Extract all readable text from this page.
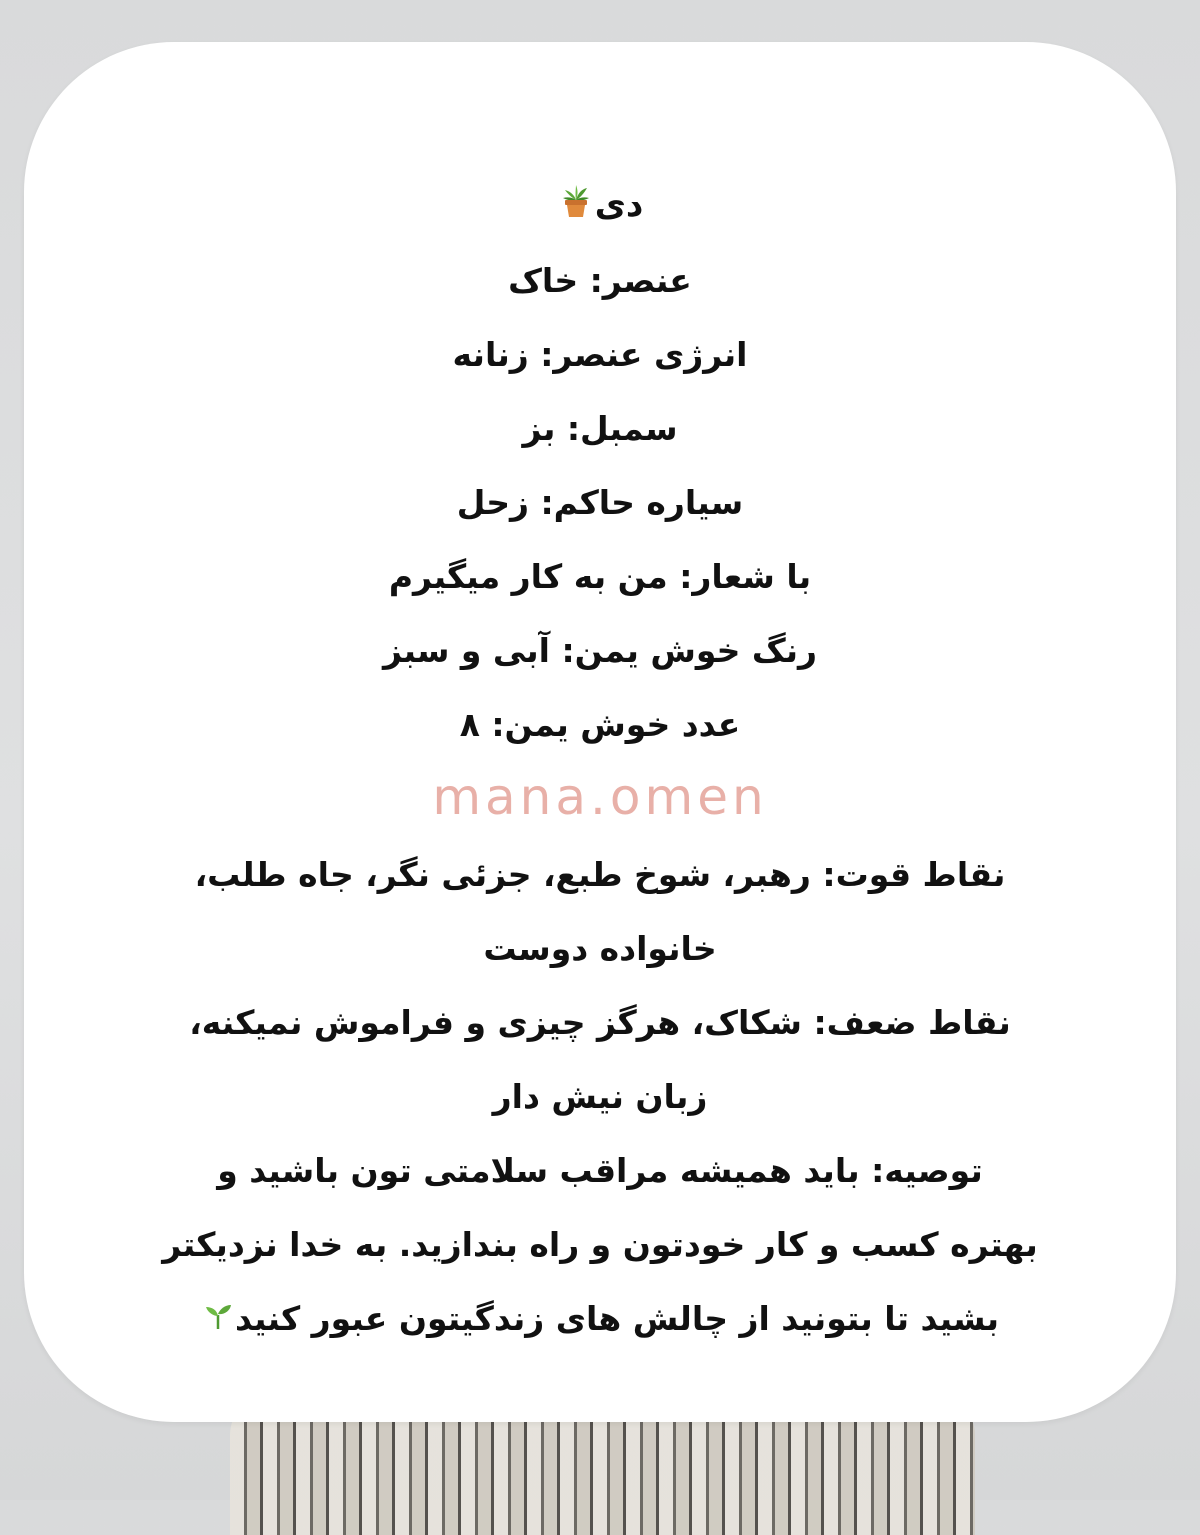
دی
عنصر: خاک
انرژی عنصر: زنانه
سمبل: بز
سیاره حاکم: زحل
با شعار: من به کار میگیرم
رنگ خوش یمن: آبی و سبز
عدد خوش یمن: ۸
mana.omen
نقاط قوت: رهبر، شوخ طبع، جزئی نگر، جاه طلب،
خانواده دوست
نقاط ضعف: شکاک، هرگز چیزی و فراموش نمیکنه،
زبان نیش دار
توصیه: باید همیشه مراقب سلامتی تون باشید و
بهتره کسب و کار خودتون و راه بندازید. به خدا نزدیکتر
بشید تا بتونید از چالش های زندگیتون عبور کنید
